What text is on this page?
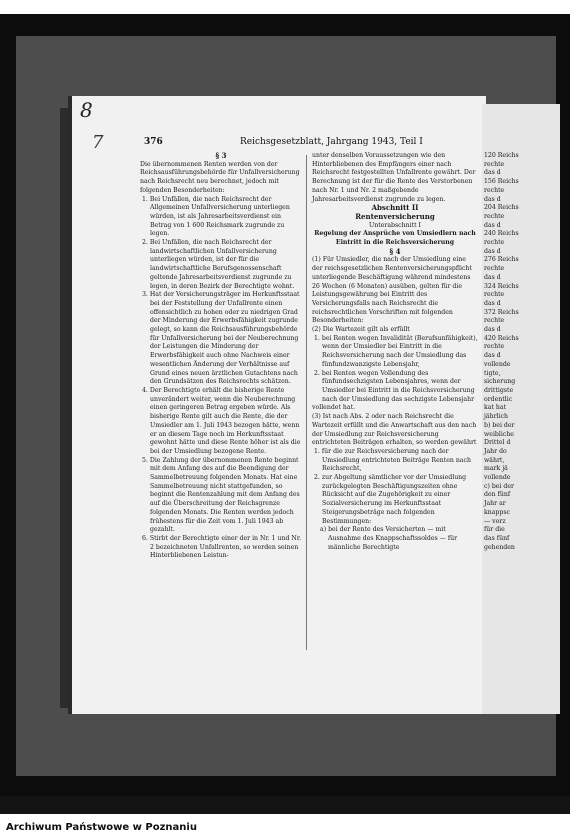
8
7	376	Reichsgesetzblatt, Jahrgang 1943, Teil I

§ 3

Die übernommenen Renten werden von der Reichsausführungsbehörde für Unfallversicherung nach Reichsrecht neu berechnet, jedoch mit folgenden Besonderheiten:

1. Bei Unfällen, die nach Reichsrecht der Allgemeinen Unfallversicherung unterliegen würden, ist als Jahresarbeitsverdienst ein Betrag von 1 600 Reichsmark zugrunde zu legen.

2. Bei Unfällen, die nach Reichsrecht der landwirtschaftlichen Unfallversicherung unterliegen würden, ist der für die landwirtschaftliche Berufsgenossenschaft geltende Jahresarbeitsverdienst zugrunde zu legen, in deren Bezirk der Berechtigte wohnt.

3. Hat der Versicherungsträger im Herkunftsstaat bei der Feststellung der Unfallrente einen offensichtlich zu hohen oder zu niedrigen Grad der Minderung der Erwerbsfähigkeit zugrunde gelegt, so kann die Reichsausführungsbehörde für Unfallversicherung bei der Neuberechnung der Leistungen die Minderung der Erwerbsfähigkeit auch ohne Nachweis einer wesentlichen Änderung der Verhältnisse auf Grund eines neuen ärztlichen Gutachtens nach den Grundsätzen des Reichsrechts schätzen.

4. Der Berechtigte erhält die bisherige Rente unverändert weiter, wenn die Neuberechnung einen geringeren Betrag ergeben würde. Als bisherige Rente gilt auch die Rente, die der Umsiedler am 1. Juli 1943 bezogen hätte, wenn er an diesem Tage noch im Herkunftsstaat gewohnt hätte und diese Rente höher ist als die bei der Umsiedlung bezogene Rente.

5. Die Zahlung der übernommenen Rente beginnt mit dem Anfang des auf die Beendigung der Sammelbetreuung folgenden Monats. Hat eine Sammelbetreuung nicht stattgefunden, so beginnt die Rentenzahlung mit dem Anfang des auf die Überschreitung der Reichsgrenze folgenden Monats. Die Renten werden jedoch frühestens für die Zeit vom 1. Juli 1943 ab gezahlt.

6. Stirbt der Berechtigte einer der in Nr. 1 und Nr. 2 bezeichneten Unfallrenten, so werden seinen Hinterbliebenen Leistun-

unter denselben Voraussetzungen wie den Hinterbliebenen des Empfängers einer nach Reichsrecht festgestellten Unfallrente gewährt. Der Berechnung ist der für die Rente des Verstorbenen nach Nr. 1 und Nr. 2 maßgebende Jahresarbeitsverdienst zugrunde zu legen.

Abschnitt II

Rentenversicherung

Unterabschnitt I

Regelung der Ansprüche von Umsiedlern nach Eintritt in die Reichsversicherung

§ 4

(1) Für Umsiedler, die nach der Umsiedlung eine der reichsgesetzlichen Rentenversicherungspflicht unterliegende Beschäftigung während mindestens 26 Wochen (6 Monaten) ausüben, gelten für die Leistungsgewährung bei Eintritt des Versicherungsfalls nach Reichsrecht die reichsrechtlichen Vorschriften mit folgenden Besonderheiten:

(2) Die Wartezeit gilt als erfüllt

1. bei Renten wegen Invalidität (Berufsunfähigkeit), wenn der Umsiedler bei Eintritt in die Reichsversicherung nach der Umsiedlung das fünfundzwanzigste Lebensjahr,

2. bei Renten wegen Vollendung des fünfundsechzigsten Lebensjahres, wenn der Umsiedler bei Eintritt in die Reichsversicherung nach der Umsiedlung das sechzigste Lebensjahr

vollendet hat.

(3) Ist nach Abs. 2 oder nach Reichsrecht die Wartezeit erfüllt und die Anwartschaft aus den nach der Umsiedlung zur Reichsversicherung entrichteten Beiträgen erhalten, so werden gewährt

1. für die zur Reichsversicherung nach der Umsiedlung entrichteten Beiträge Renten nach Reichsrecht,

2. zur Abgeltung sämtlicher vor der Umsiedlung zurückgelegten Beschäftigungszeiten ohne Rücksicht auf die Zugehörigkeit zu einer Sozialversicherung im Herkunftsstaat Steigerungsbeträge nach folgenden Bestimmungen:

a) bei der Rente des Versicherten — mit Ausnahme des Knappschaftssoldes — für männliche Berechtigte

120 Reichs

rechte

das d

156 Reichs

rechte

das d

204 Reichs

rechte

das d

240 Reichs

rechte

das d

276 Reichs

rechte

das d

324 Reichs

rechte

das d

372 Reichs

rechte

das d

420 Reichs

rechte

das d

vollende

tigte,

sicherung

drittigste

ordentlic

kat hat

jährlich

b) bei der

weibliche

Drittel d

Jahr do

währt,

mark jä

vollende

c) bei der

den fünf

Jahr ar

knappsc

— vorz

für die

das fünf

gehenden

Archiwum Państwowe w Poznaniu
